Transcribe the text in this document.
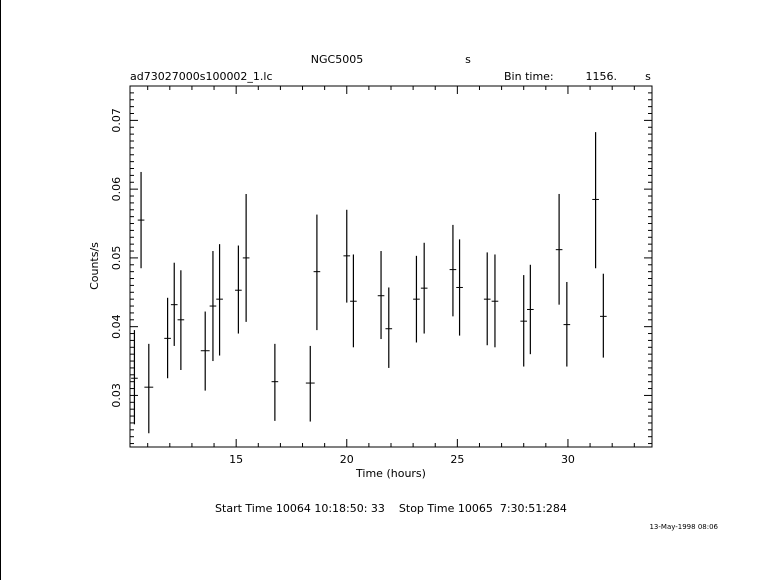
NGC5005	s
ad73027000s100002_1.lc	Bin time:	1156.	s
15	20	25	30
0.03
0.04
0.05
0.06
0.07
Time (hours)
Counts/s
Start Time 10064 10:18:50: 33    Stop Time 10065  7:30:51:284
13-May-1998 08:06
